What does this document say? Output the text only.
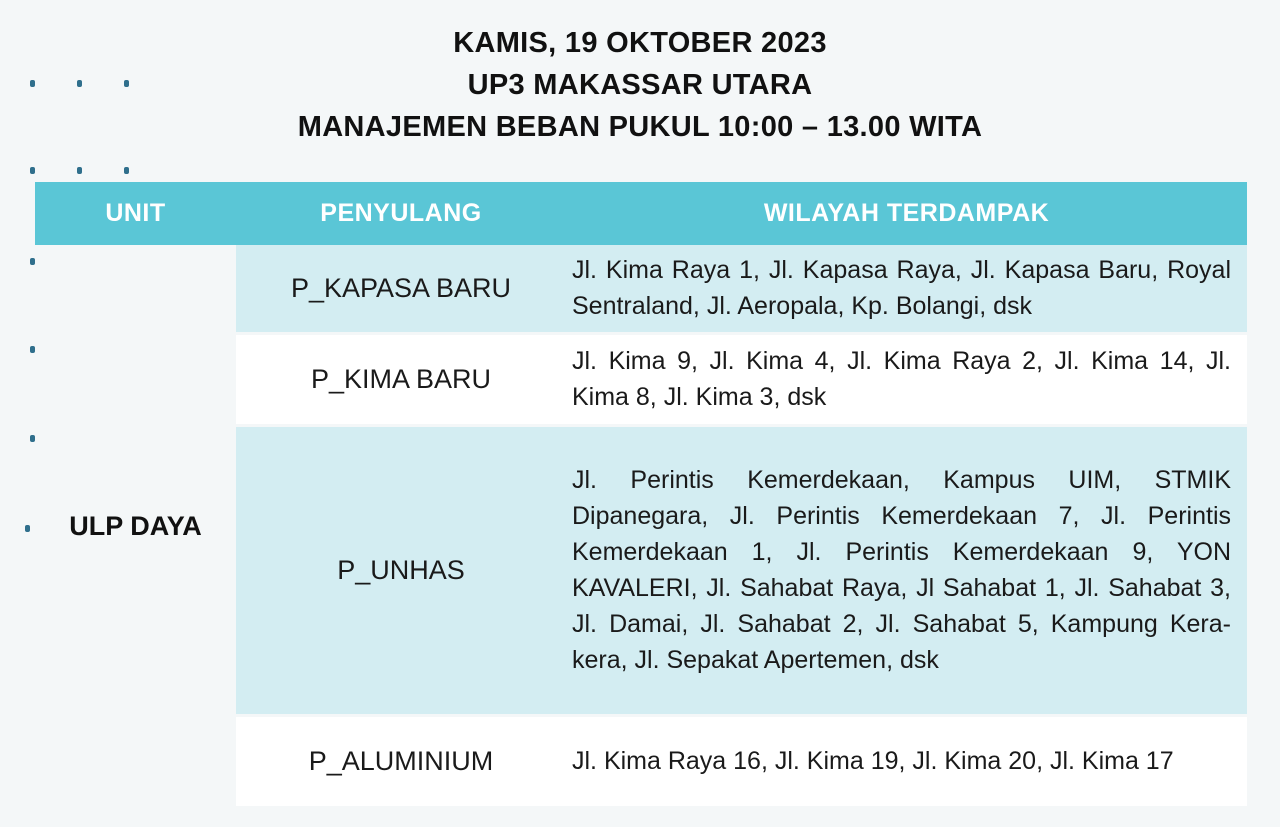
KAMIS, 19 OKTOBER 2023
UP3 MAKASSAR UTARA
MANAJEMEN BEBAN PUKUL 10:00 – 13.00 WITA
UNIT	PENYULANG	WILAYAH TERDAMPAK
ULP DAYA	P_KAPASA BARU	Jl. Kima Raya 1, Jl. Kapasa Raya, Jl. Kapasa Baru, Royal Sentraland, Jl. Aeropala, Kp. Bolangi, dsk
	P_KIMA BARU	Jl. Kima 9, Jl. Kima 4, Jl. Kima Raya 2, Jl. Kima 14, Jl. Kima 8, Jl. Kima 3, dsk
	P_UNHAS	Jl. Perintis Kemerdekaan, Kampus UIM, STMIK Dipanegara, Jl. Perintis Kemerdekaan 7, Jl. Perintis Kemerdekaan 1, Jl. Perintis Kemerdekaan 9, YON KAVALERI, Jl. Sahabat Raya, Jl Sahabat 1, Jl. Sahabat 3, Jl. Damai, Jl. Sahabat 2, Jl. Sahabat 5, Kampung Kera-kera, Jl. Sepakat Apertemen, dsk
	P_ALUMINIUM	Jl. Kima Raya 16, Jl. Kima 19, Jl. Kima 20, Jl. Kima 17
